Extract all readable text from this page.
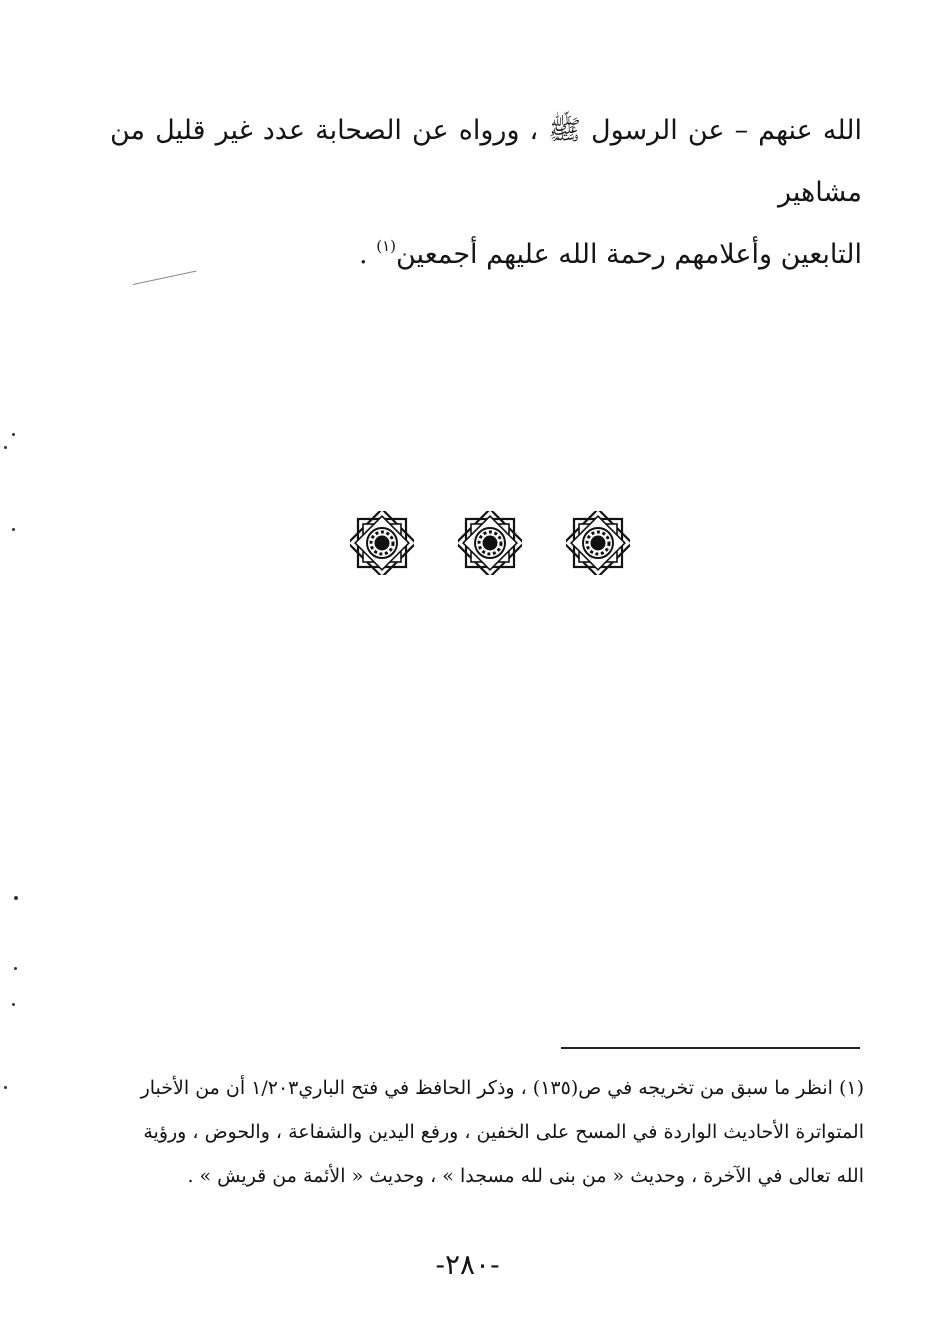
الله عنهم – عن الرسول ﷺ ، ورواه عن الصحابة عدد غير قليل من مشاهير
التابعين وأعلامهم رحمة الله عليهم أجمعين$^{(١)}$ .
(١) انظر ما سبق من تخريجه في ص(١٣٥) ، وذكر الحافظ في فتح الباري١/٢٠٣ أن من الأخبار
المتواترة الأحاديث الواردة في المسح على الخفين ، ورفع اليدين والشفاعة ، والحوض ، ورؤية
الله تعالى في الآخرة ، وحديث « من بنى لله مسجدا » ، وحديث « الأئمة من قريش » .
-٢٨٠-
